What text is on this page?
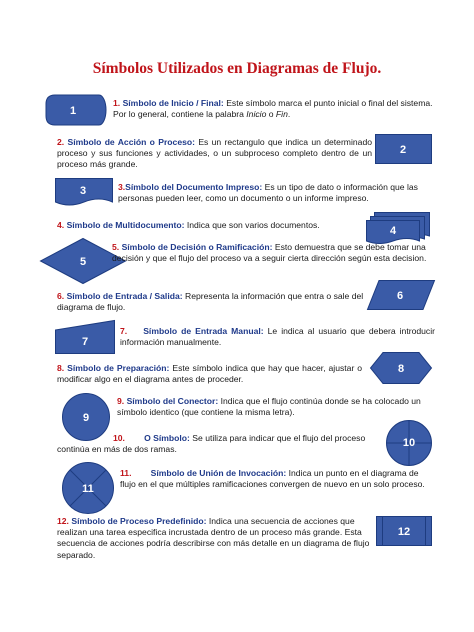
Símbolos Utilizados en Diagramas de Flujo.
1
1. Símbolo de Inicio / Final: Este símbolo marca el punto inicial o final del sistema. Por lo general, contiene la palabra Inicio o Fin.
2. Símbolo de Acción o Proceso: Es un rectangulo que indica un determinado proceso y sus funciones y actividades, o un subproceso completo dentro de un proceso más grande.
2
3	3.Símbolo del Documento Impreso: Es un tipo de dato o información que las personas pueden leer, como un documento o un informe impreso.
4. Símbolo de Multidocumento: Indica que son varios documentos.	4
5
5. Símbolo de Decisión o Ramificación: Esto demuestra que se debe tomar una decisión y que el flujo del proceso va a seguir cierta dirección según esta decision.
6. Símbolo de Entrada / Salida: Representa la información que entra o sale del diagrama de flujo.
6
7
7. Símbolo de Entrada Manual: Le indica al usuario que debera introducir información manualmente.
8. Símbolo de Preparación: Este símbolo indica que hay que hacer, ajustar o modificar algo en el diagrama antes de proceder.
8
9
9. Símbolo del Conector: Indica que el flujo continúa donde se ha colocado un símbolo identico (que contiene la misma letra).
10. O Símbolo: Se utiliza para indicar que el flujo del proceso continúa en más de dos ramas.
10
11
11. Símbolo de Unión de Invocación: Indica un punto en el diagrama de flujo en el que múltiples ramificaciones convergen de nuevo en un solo proceso.
12. Símbolo de Proceso Predefinido: Indica una secuencia de acciones que realizan una tarea especifica incrustada dentro de un proceso más grande. Esta secuencia de acciones podría describirse con más detalle en un diagrama de flujo separado.
12
